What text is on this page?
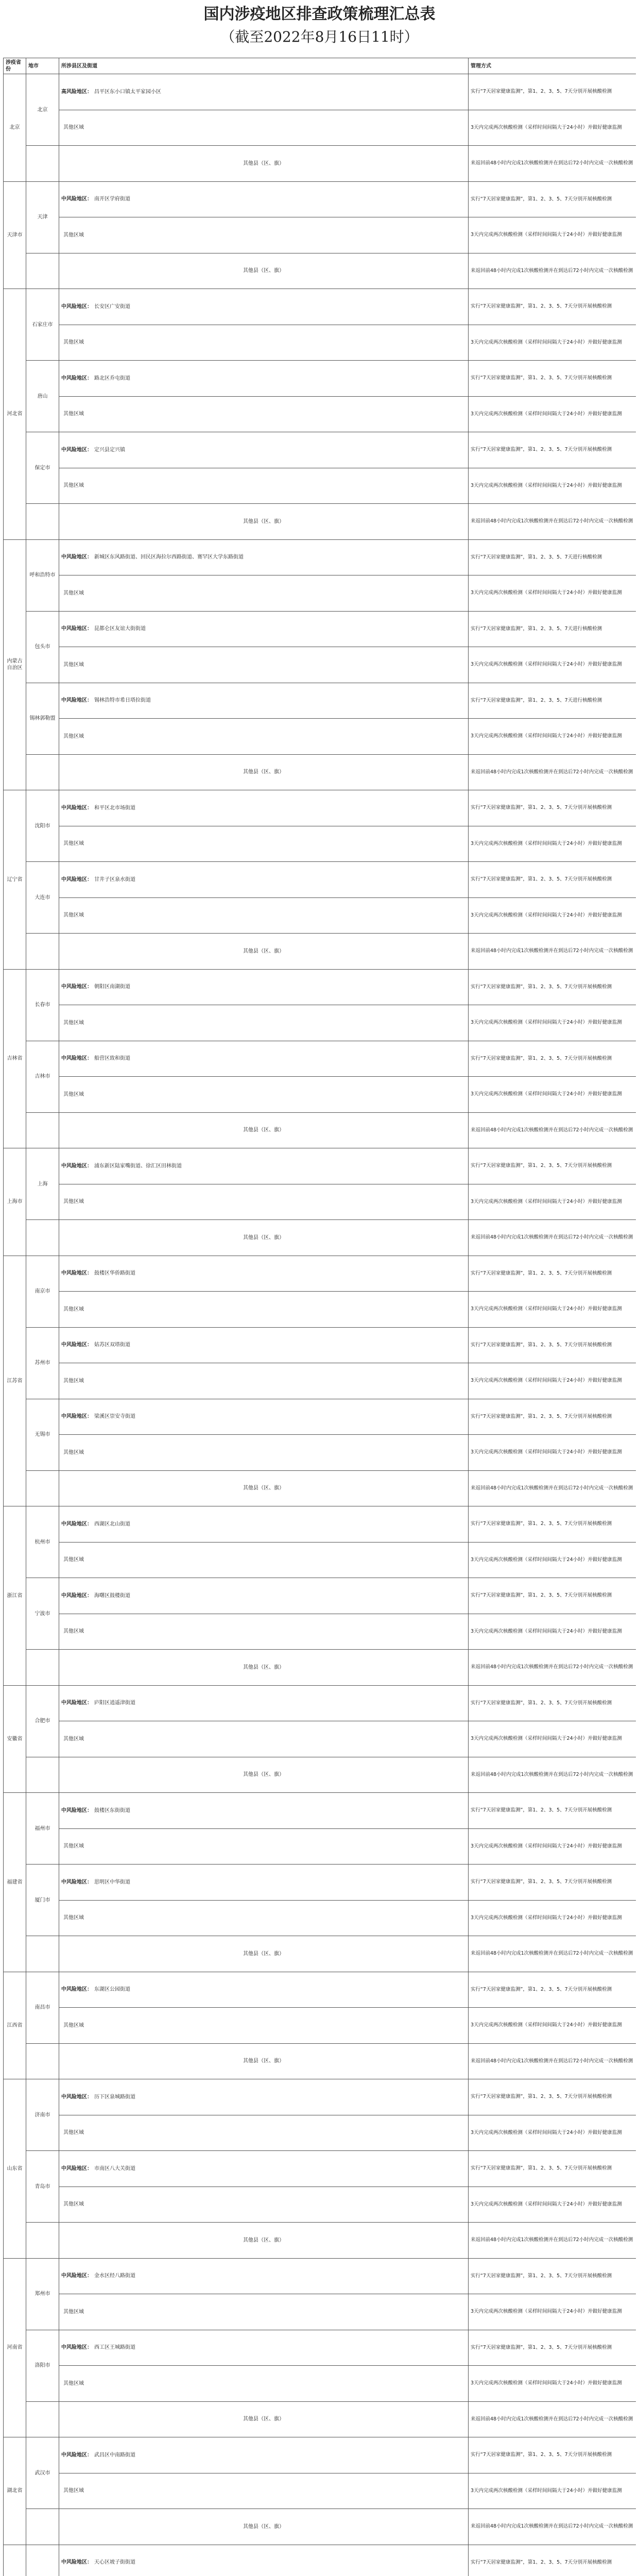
国内涉疫地区排查政策梳理汇总表
（截至2022年8月16日11时）
涉疫省份	地市	所涉县区及街道	管理方式
北京	北京	高风险地区： 昌平区东小口镇太平家园小区	实行“7天居家健康监测”，第1、2、3、5、7天分别开展核酸检测
		其他区域	3天内完成两次核酸检测（采样时间间隔大于24小时）并做好健康监测
		其他县（区、旗）	来返回前48小时内完成1次核酸检测并在到达后72小时内完成一次核酸检测
天津市	天津	中风险地区： 南开区学府街道	实行“7天居家健康监测”，第1、2、3、5、7天分别开展核酸检测
		其他区域	3天内完成两次核酸检测（采样时间间隔大于24小时）并做好健康监测
		其他县（区、旗）	来返回前48小时内完成1次核酸检测并在到达后72小时内完成一次核酸检测
河北省	石家庄市	中风险地区： 长安区广安街道	实行“7天居家健康监测”，第1、2、3、5、7天分别开展核酸检测
		其他区域	3天内完成两次核酸检测（采样时间间隔大于24小时）并做好健康监测
	唐山	中风险地区： 路北区乔屯街道	实行“7天居家健康监测”，第1、2、3、5、7天分别开展核酸检测
		其他区域	3天内完成两次核酸检测（采样时间间隔大于24小时）并做好健康监测
	保定市	中风险地区： 定兴县定兴镇	实行“7天居家健康监测”，第1、2、3、5、7天分别开展核酸检测
		其他区域	3天内完成两次核酸检测（采样时间间隔大于24小时）并做好健康监测
		其他县（区、旗）	来返回前48小时内完成1次核酸检测并在到达后72小时内完成一次核酸检测
内蒙古自治区	呼和浩特市	中风险地区： 新城区东风路街道、回民区海拉尔西路街道、赛罕区大学东路街道	实行“7天居家健康监测”，第1、2、3、5、7天进行核酸检测
		其他区域	3天内完成两次核酸检测（采样时间间隔大于24小时）并做好健康监测
	包头市	中风险地区： 昆都仑区友谊大街街道	实行“7天居家健康监测”，第1、2、3、5、7天进行核酸检测
		其他区域	3天内完成两次核酸检测（采样时间间隔大于24小时）并做好健康监测
	锡林郭勒盟	中风险地区： 锡林浩特市希日塔拉街道	实行“7天居家健康监测”，第1、2、3、5、7天进行核酸检测
		其他区域	3天内完成两次核酸检测（采样时间间隔大于24小时）并做好健康监测
		其他县（区、旗）	来返回前48小时内完成1次核酸检测并在到达后72小时内完成一次核酸检测
辽宁省	沈阳市	中风险地区： 和平区北市场街道	实行“7天居家健康监测”，第1、2、3、5、7天分别开展核酸检测
		其他区域	3天内完成两次核酸检测（采样时间间隔大于24小时）并做好健康监测
	大连市	中风险地区： 甘井子区泉水街道	实行“7天居家健康监测”，第1、2、3、5、7天分别开展核酸检测
		其他区域	3天内完成两次核酸检测（采样时间间隔大于24小时）并做好健康监测
		其他县（区、旗）	来返回前48小时内完成1次核酸检测并在到达后72小时内完成一次核酸检测
吉林省	长春市	中风险地区： 朝阳区南湖街道	实行“7天居家健康监测”，第1、2、3、5、7天分别开展核酸检测
		其他区域	3天内完成两次核酸检测（采样时间间隔大于24小时）并做好健康监测
	吉林市	中风险地区： 船营区致和街道	实行“7天居家健康监测”，第1、2、3、5、7天分别开展核酸检测
		其他区域	3天内完成两次核酸检测（采样时间间隔大于24小时）并做好健康监测
		其他县（区、旗）	来返回前48小时内完成1次核酸检测并在到达后72小时内完成一次核酸检测
上海市	上海	中风险地区： 浦东新区陆家嘴街道、徐汇区田林街道	实行“7天居家健康监测”，第1、2、3、5、7天分别开展核酸检测
		其他区域	3天内完成两次核酸检测（采样时间间隔大于24小时）并做好健康监测
		其他县（区、旗）	来返回前48小时内完成1次核酸检测并在到达后72小时内完成一次核酸检测
江苏省	南京市	中风险地区： 鼓楼区华侨路街道	实行“7天居家健康监测”，第1、2、3、5、7天分别开展核酸检测
		其他区域	3天内完成两次核酸检测（采样时间间隔大于24小时）并做好健康监测
	苏州市	中风险地区： 姑苏区双塔街道	实行“7天居家健康监测”，第1、2、3、5、7天分别开展核酸检测
		其他区域	3天内完成两次核酸检测（采样时间间隔大于24小时）并做好健康监测
	无锡市	中风险地区： 梁溪区崇安寺街道	实行“7天居家健康监测”，第1、2、3、5、7天分别开展核酸检测
		其他区域	3天内完成两次核酸检测（采样时间间隔大于24小时）并做好健康监测
		其他县（区、旗）	来返回前48小时内完成1次核酸检测并在到达后72小时内完成一次核酸检测
浙江省	杭州市	中风险地区： 西湖区北山街道	实行“7天居家健康监测”，第1、2、3、5、7天分别开展核酸检测
		其他区域	3天内完成两次核酸检测（采样时间间隔大于24小时）并做好健康监测
	宁波市	中风险地区： 海曙区鼓楼街道	实行“7天居家健康监测”，第1、2、3、5、7天分别开展核酸检测
		其他区域	3天内完成两次核酸检测（采样时间间隔大于24小时）并做好健康监测
		其他县（区、旗）	来返回前48小时内完成1次核酸检测并在到达后72小时内完成一次核酸检测
安徽省	合肥市	中风险地区： 庐阳区逍遥津街道	实行“7天居家健康监测”，第1、2、3、5、7天分别开展核酸检测
		其他区域	3天内完成两次核酸检测（采样时间间隔大于24小时）并做好健康监测
		其他县（区、旗）	来返回前48小时内完成1次核酸检测并在到达后72小时内完成一次核酸检测
福建省	福州市	中风险地区： 鼓楼区东街街道	实行“7天居家健康监测”，第1、2、3、5、7天分别开展核酸检测
		其他区域	3天内完成两次核酸检测（采样时间间隔大于24小时）并做好健康监测
	厦门市	中风险地区： 思明区中华街道	实行“7天居家健康监测”，第1、2、3、5、7天分别开展核酸检测
		其他区域	3天内完成两次核酸检测（采样时间间隔大于24小时）并做好健康监测
		其他县（区、旗）	来返回前48小时内完成1次核酸检测并在到达后72小时内完成一次核酸检测
江西省	南昌市	中风险地区： 东湖区公园街道	实行“7天居家健康监测”，第1、2、3、5、7天分别开展核酸检测
		其他区域	3天内完成两次核酸检测（采样时间间隔大于24小时）并做好健康监测
		其他县（区、旗）	来返回前48小时内完成1次核酸检测并在到达后72小时内完成一次核酸检测
山东省	济南市	中风险地区： 历下区泉城路街道	实行“7天居家健康监测”，第1、2、3、5、7天分别开展核酸检测
		其他区域	3天内完成两次核酸检测（采样时间间隔大于24小时）并做好健康监测
	青岛市	中风险地区： 市南区八大关街道	实行“7天居家健康监测”，第1、2、3、5、7天分别开展核酸检测
		其他区域	3天内完成两次核酸检测（采样时间间隔大于24小时）并做好健康监测
		其他县（区、旗）	来返回前48小时内完成1次核酸检测并在到达后72小时内完成一次核酸检测
河南省	郑州市	中风险地区： 金水区经八路街道	实行“7天居家健康监测”，第1、2、3、5、7天分别开展核酸检测
		其他区域	3天内完成两次核酸检测（采样时间间隔大于24小时）并做好健康监测
	洛阳市	中风险地区： 西工区王城路街道	实行“7天居家健康监测”，第1、2、3、5、7天分别开展核酸检测
		其他区域	3天内完成两次核酸检测（采样时间间隔大于24小时）并做好健康监测
		其他县（区、旗）	来返回前48小时内完成1次核酸检测并在到达后72小时内完成一次核酸检测
湖北省	武汉市	中风险地区： 武昌区中南路街道	实行“7天居家健康监测”，第1、2、3、5、7天分别开展核酸检测
		其他区域	3天内完成两次核酸检测（采样时间间隔大于24小时）并做好健康监测
		其他县（区、旗）	来返回前48小时内完成1次核酸检测并在到达后72小时内完成一次核酸检测
		中风险地区： 天心区坡子街街道	实行“7天居家健康监测”，第1、2、3、5、7天分别开展核酸检测
